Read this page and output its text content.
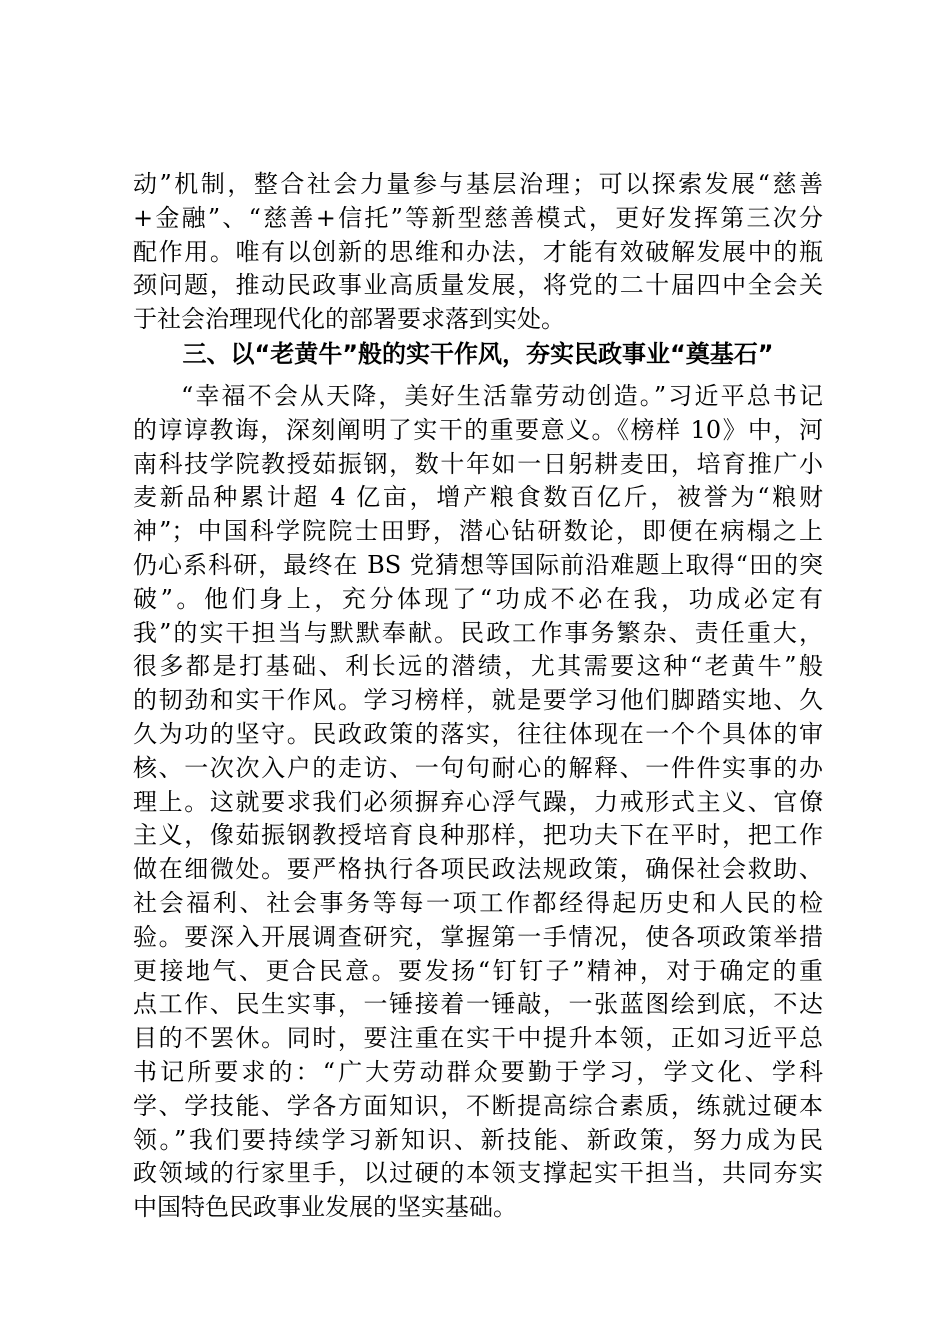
动”机制，整合社会力量参与基层治理；可以探索发展“慈善
+金融”、“慈善+信托”等新型慈善模式，更好发挥第三次分
配作用。唯有以创新的思维和办法，才能有效破解发展中的瓶
颈问题，推动民政事业高质量发展，将党的二十届四中全会关
于社会治理现代化的部署要求落到实处。
三、以“老黄牛”般的实干作风，夯实民政事业“奠基石”
“幸福不会从天降，美好生活靠劳动创造。”习近平总书记
的谆谆教诲，深刻阐明了实干的重要意义。《榜样 10》中，河
南科技学院教授茹振钢，数十年如一日躬耕麦田，培育推广小
麦新品种累计超 4 亿亩，增产粮食数百亿斤，被誉为“粮财
神”；中国科学院院士田野，潜心钻研数论，即便在病榻之上
仍心系科研，最终在 BS 党猜想等国际前沿难题上取得“田的突
破”。他们身上，充分体现了“功成不必在我，功成必定有
我”的实干担当与默默奉献。民政工作事务繁杂、责任重大，
很多都是打基础、利长远的潜绩，尤其需要这种“老黄牛”般
的韧劲和实干作风。学习榜样，就是要学习他们脚踏实地、久
久为功的坚守。民政政策的落实，往往体现在一个个具体的审
核、一次次入户的走访、一句句耐心的解释、一件件实事的办
理上。这就要求我们必须摒弃心浮气躁，力戒形式主义、官僚
主义，像茹振钢教授培育良种那样，把功夫下在平时，把工作
做在细微处。要严格执行各项民政法规政策，确保社会救助、
社会福利、社会事务等每一项工作都经得起历史和人民的检
验。要深入开展调查研究，掌握第一手情况，使各项政策举措
更接地气、更合民意。要发扬“钉钉子”精神，对于确定的重
点工作、民生实事，一锤接着一锤敲，一张蓝图绘到底，不达
目的不罢休。同时，要注重在实干中提升本领，正如习近平总
书记所要求的：“广大劳动群众要勤于学习，学文化、学科
学、学技能、学各方面知识，不断提高综合素质，练就过硬本
领。”我们要持续学习新知识、新技能、新政策，努力成为民
政领域的行家里手，以过硬的本领支撑起实干担当，共同夯实
中国特色民政事业发展的坚实基础。
